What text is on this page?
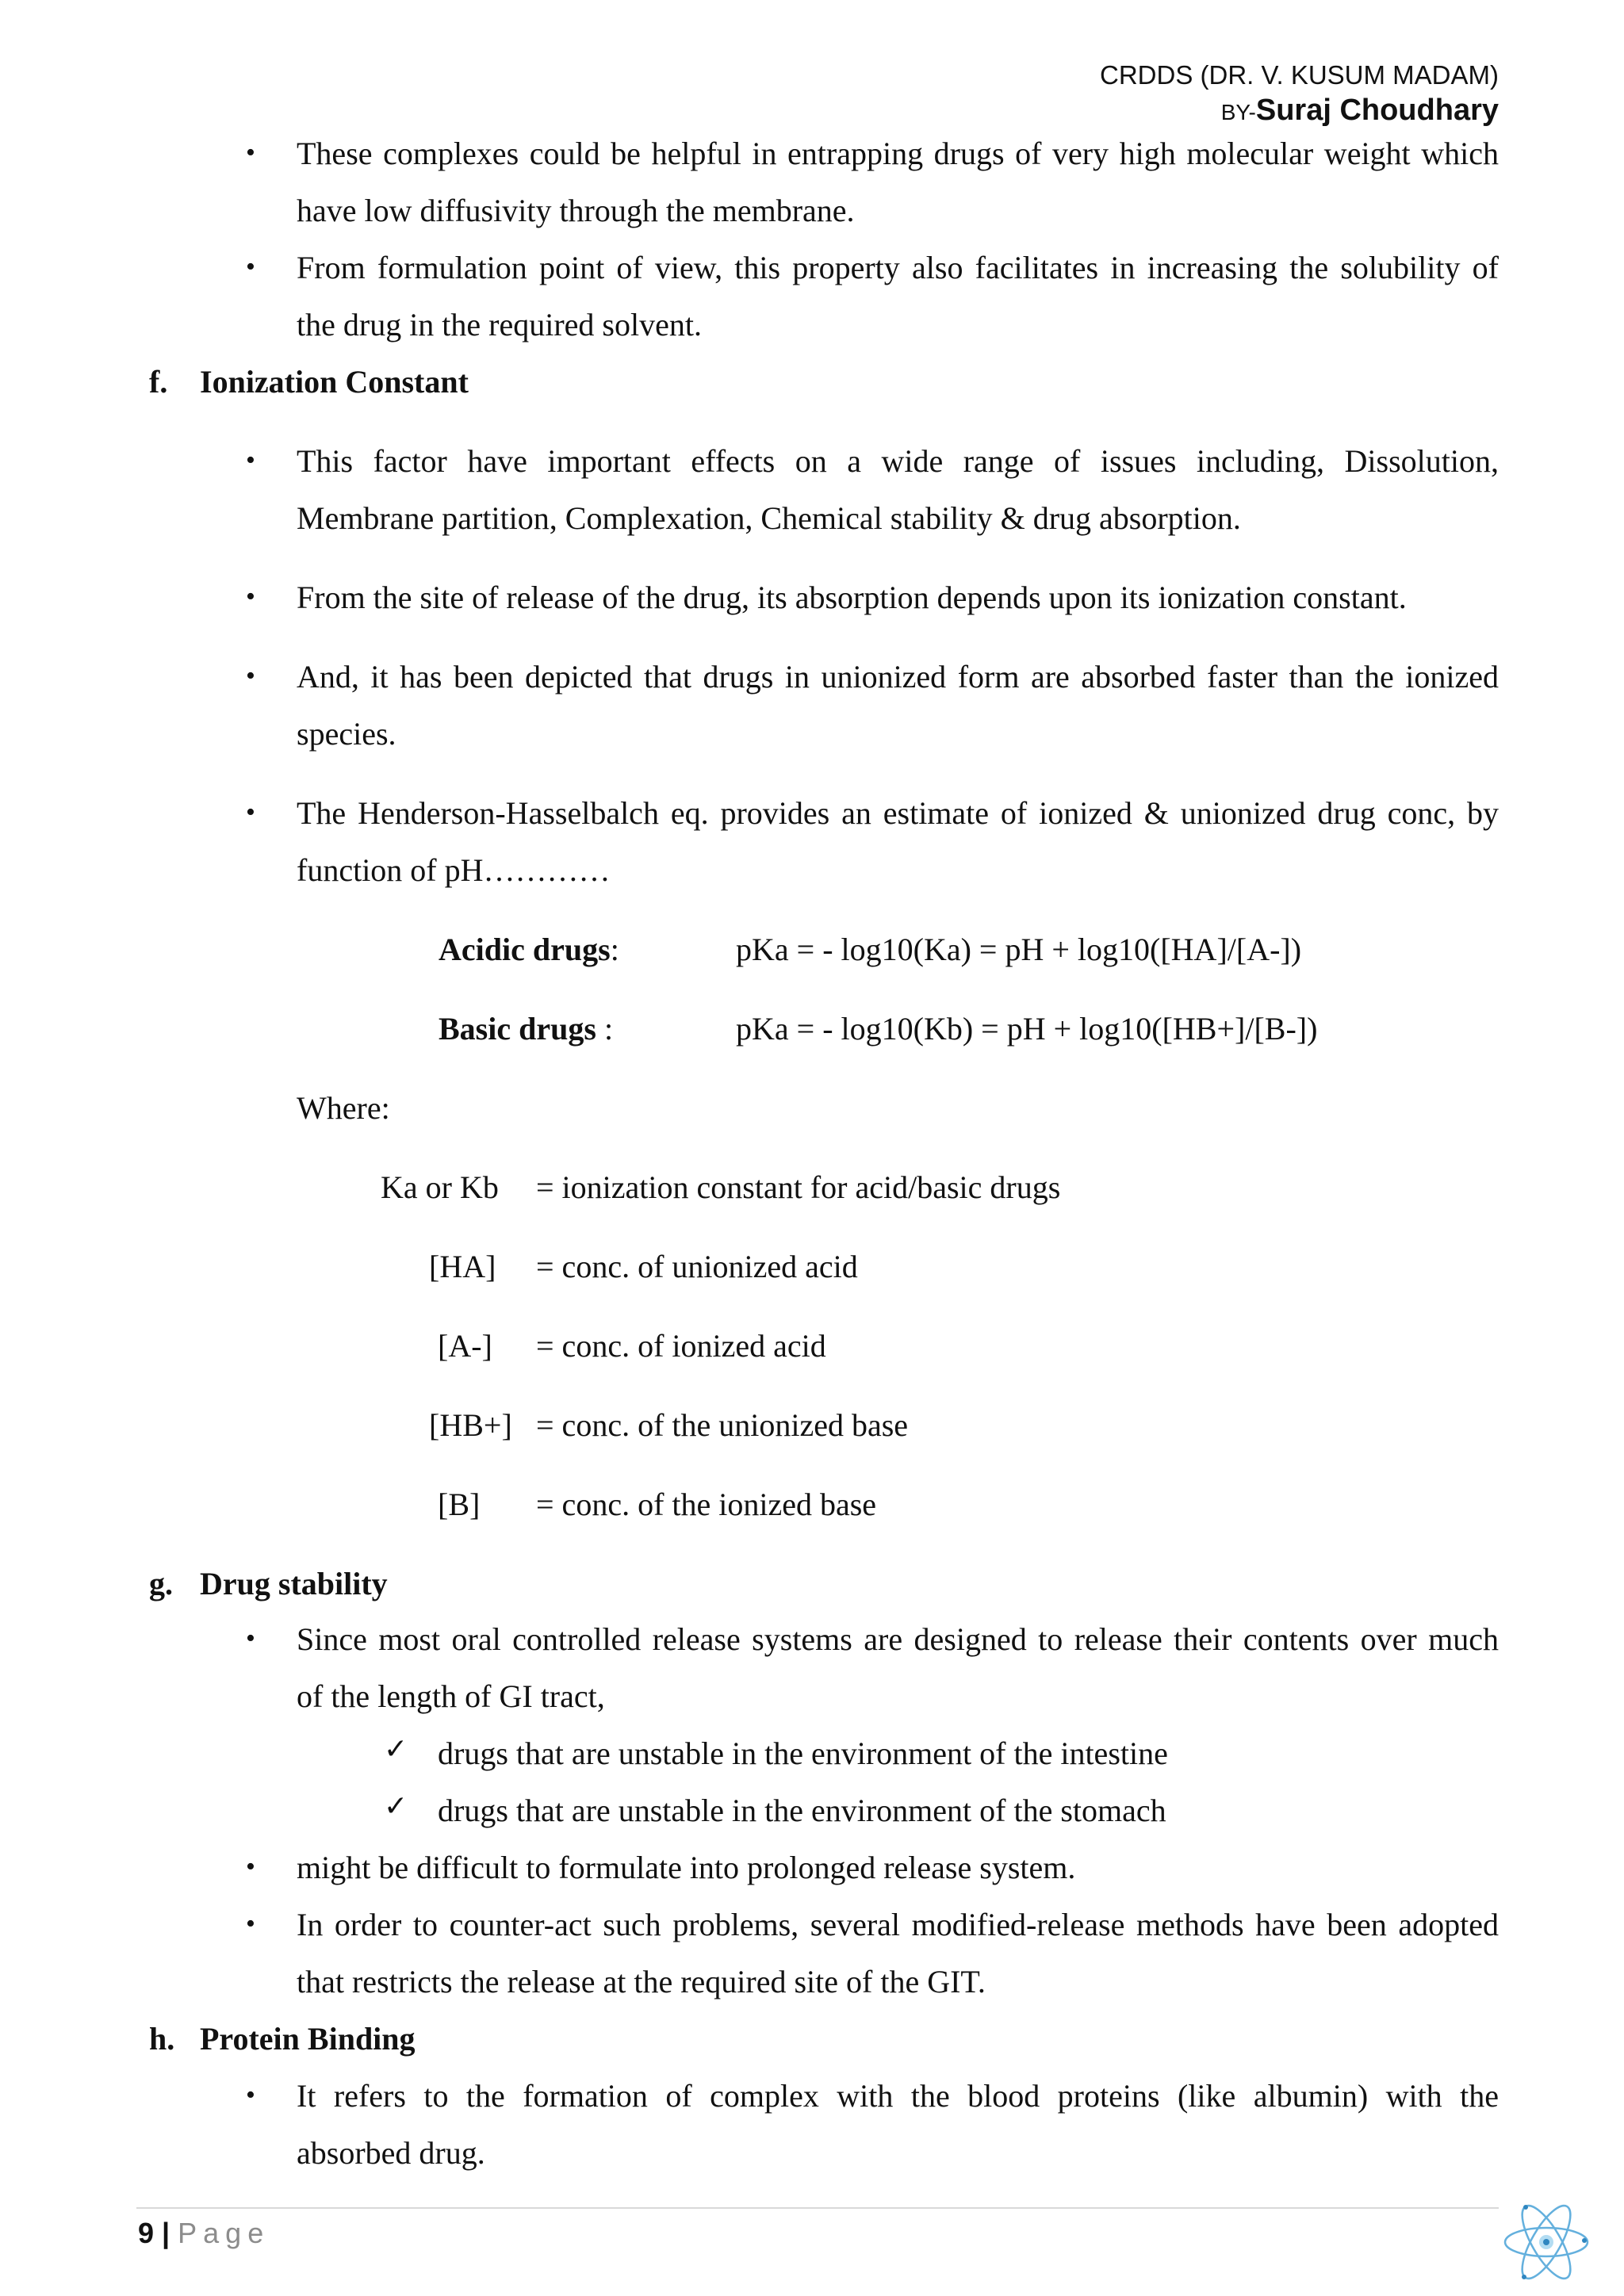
CRDDS (DR. V. KUSUM MADAM)
BY-Suraj Choudhary
• These complexes could be helpful in entrapping drugs of very high molecular weight which
have low diffusivity through the membrane.
• From formulation point of view, this property also facilitates in increasing the solubility of
the drug in the required solvent.
f. Ionization Constant
• This factor have important effects on a wide range of issues including, Dissolution,
Membrane partition, Complexation, Chemical stability & drug absorption.
• From the site of release of the drug, its absorption depends upon its ionization constant.
• And, it has been depicted that drugs in unionized form are absorbed faster than the ionized
species.
• The Henderson-Hasselbalch eq. provides an estimate of ionized & unionized drug conc, by
function of pH…………
Acidic drugs:	pKa = - log10(Ka) = pH + log10([HA]/[A-])
Basic drugs :	pKa = - log10(Kb) = pH + log10([HB+]/[B-])
Where:
Ka or Kb = ionization constant for acid/basic drugs
[HA] = conc. of unionized acid
[A-] = conc. of ionized acid
[HB+] = conc. of the unionized base
[B] = conc. of the ionized base
g. Drug stability
• Since most oral controlled release systems are designed to release their contents over much
of the length of GI tract,
✓ drugs that are unstable in the environment of the intestine
✓ drugs that are unstable in the environment of the stomach
• might be difficult to formulate into prolonged release system.
• In order to counter-act such problems, several modified-release methods have been adopted
that restricts the release at the required site of the GIT.
h. Protein Binding
• It refers to the formation of complex with the blood proteins (like albumin) with the
absorbed drug.
9 | Page
